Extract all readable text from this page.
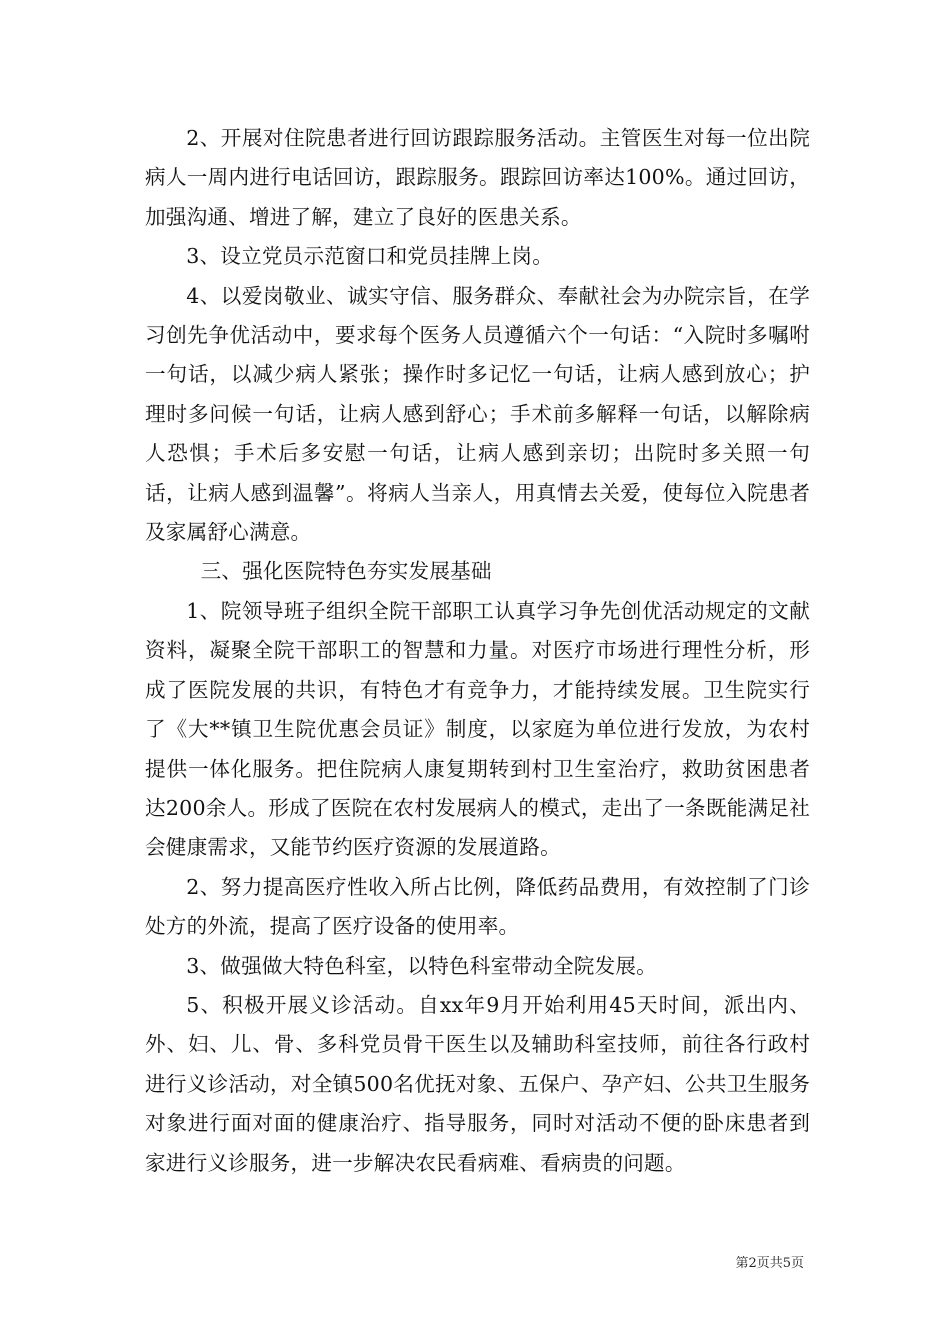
2、开展对住院患者进行回访跟踪服务活动。主管医生对每一位出院病人一周内进行电话回访，跟踪服务。跟踪回访率达100%。通过回访，加强沟通、增进了解，建立了良好的医患关系。

3、设立党员示范窗口和党员挂牌上岗。

4、以爱岗敬业、诚实守信、服务群众、奉献社会为办院宗旨，在学习创先争优活动中，要求每个医务人员遵循六个一句话：“入院时多嘱咐一句话，以减少病人紧张；操作时多记忆一句话，让病人感到放心；护理时多问候一句话，让病人感到舒心；手术前多解释一句话，以解除病人恐惧；手术后多安慰一句话，让病人感到亲切；出院时多关照一句话，让病人感到温馨”。将病人当亲人，用真情去关爱，使每位入院患者及家属舒心满意。

三、强化医院特色夯实发展基础

1、院领导班子组织全院干部职工认真学习争先创优活动规定的文献资料，凝聚全院干部职工的智慧和力量。对医疗市场进行理性分析，形成了医院发展的共识，有特色才有竞争力，才能持续发展。卫生院实行了《大**镇卫生院优惠会员证》制度，以家庭为单位进行发放，为农村提供一体化服务。把住院病人康复期转到村卫生室治疗，救助贫困患者达200余人。形成了医院在农村发展病人的模式，走出了一条既能满足社会健康需求，又能节约医疗资源的发展道路。

2、努力提高医疗性收入所占比例，降低药品费用，有效控制了门诊处方的外流，提高了医疗设备的使用率。

3、做强做大特色科室，以特色科室带动全院发展。

5、积极开展义诊活动。自xx年9月开始利用45天时间，派出内、外、妇、儿、骨、多科党员骨干医生以及辅助科室技师，前往各行政村进行义诊活动，对全镇500名优抚对象、五保户、孕产妇、公共卫生服务对象进行面对面的健康治疗、指导服务，同时对活动不便的卧床患者到家进行义诊服务，进一步解决农民看病难、看病贵的问题。

第2页共5页
